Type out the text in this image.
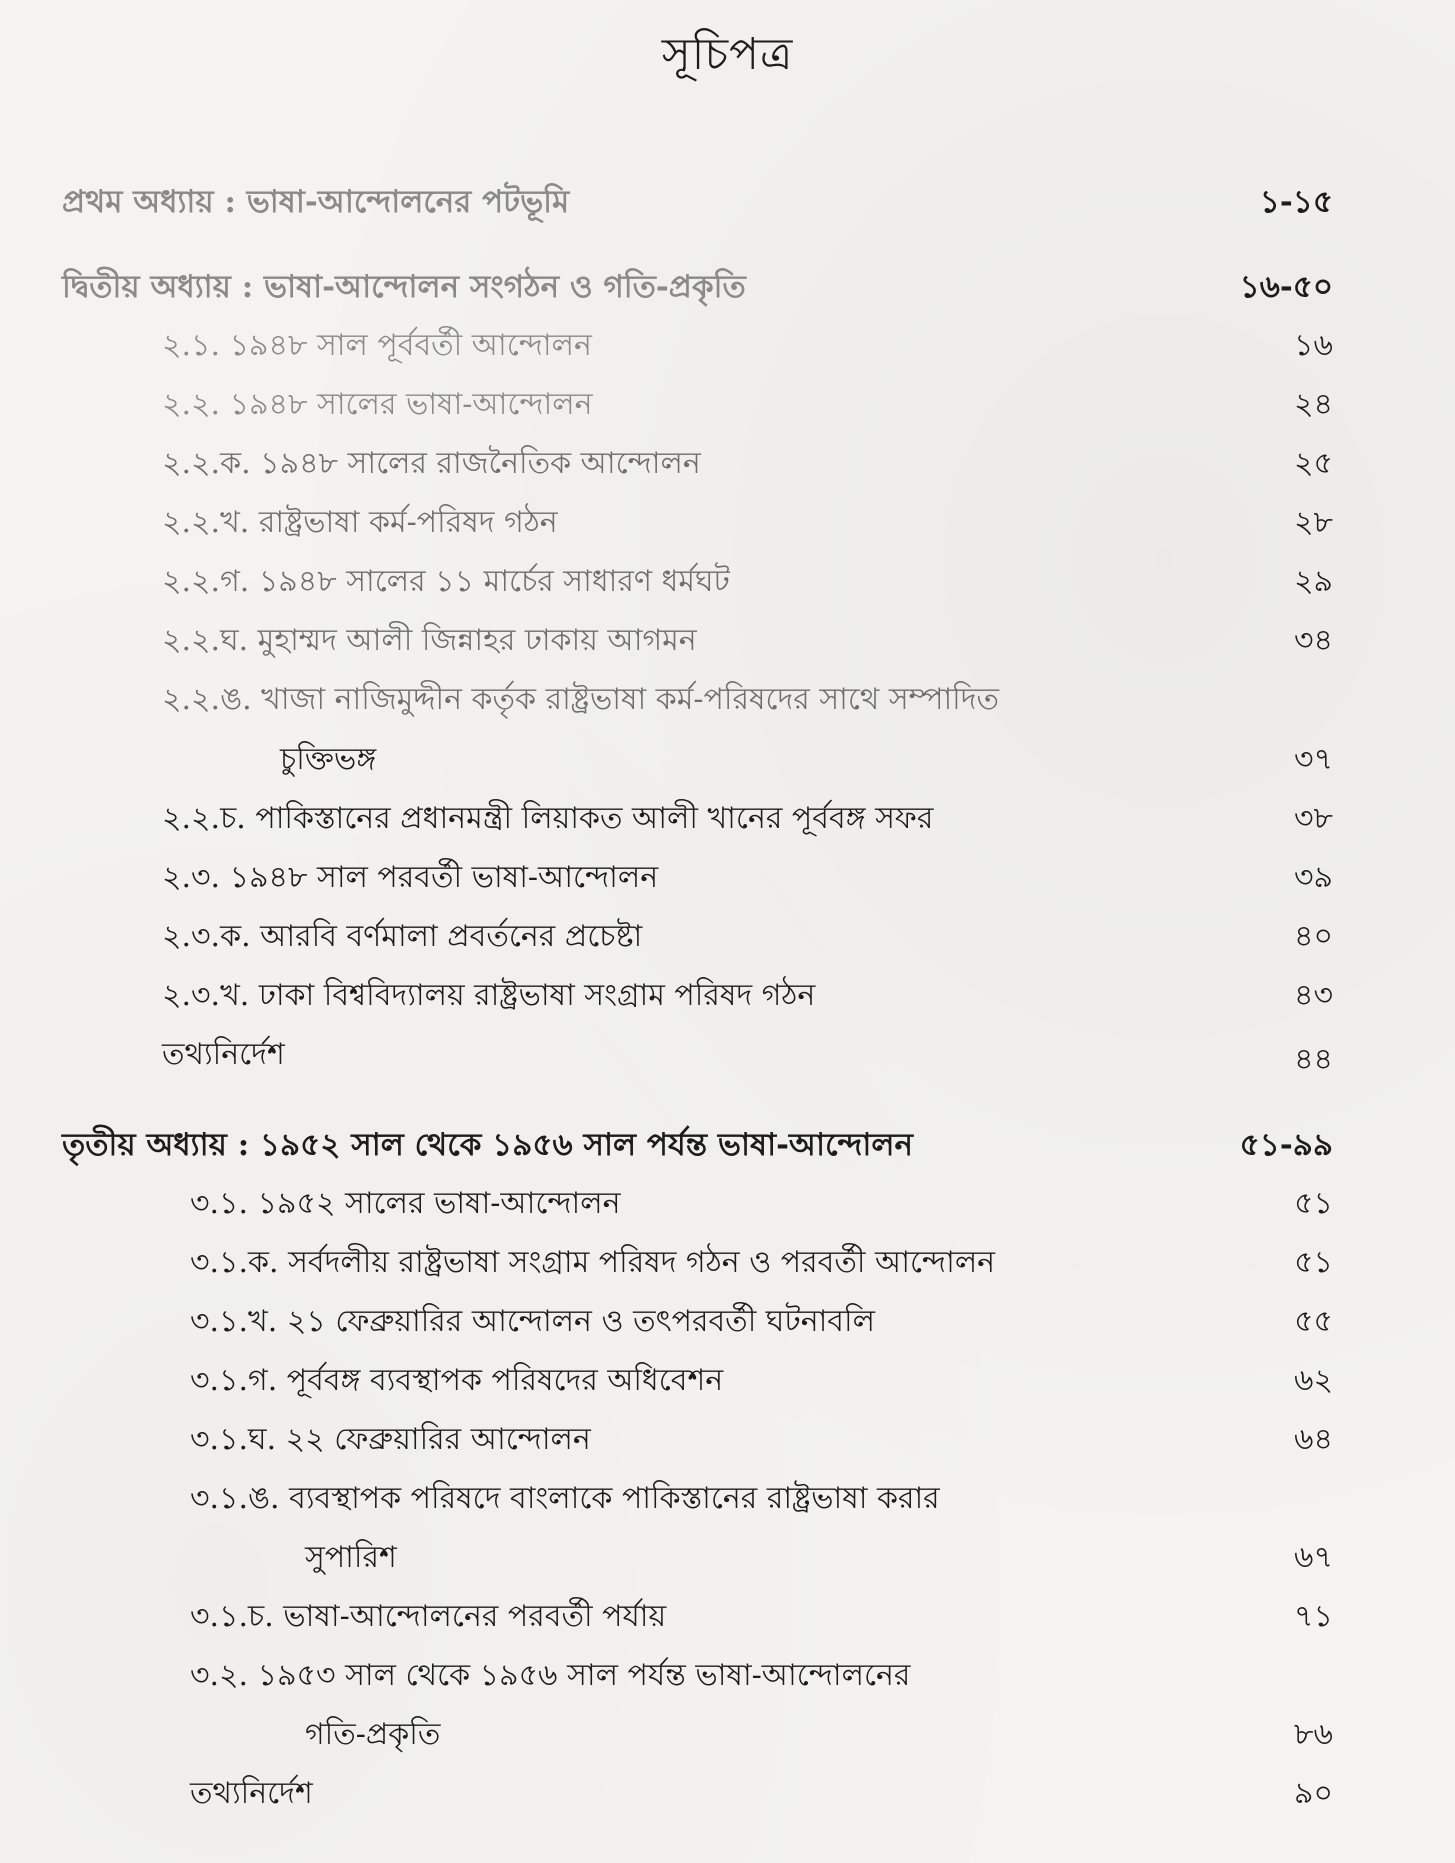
সূচিপত্র
প্রথম অধ্যায় : ভাষা-আন্দোলনের পটভূমি	১-১৫
দ্বিতীয় অধ্যায় : ভাষা-আন্দোলন সংগঠন ও গতি-প্রকৃতি	১৬-৫০
২.১. ১৯৪৮ সাল পূর্ববর্তী আন্দোলন	১৬
২.২. ১৯৪৮ সালের ভাষা-আন্দোলন	২৪
২.২.ক. ১৯৪৮ সালের রাজনৈতিক আন্দোলন	২৫
২.২.খ. রাষ্ট্রভাষা কর্ম-পরিষদ গঠন	২৮
২.২.গ. ১৯৪৮ সালের ১১ মার্চের সাধারণ ধর্মঘট	২৯
২.২.ঘ. মুহাম্মদ আলী জিন্নাহর ঢাকায় আগমন	৩৪
২.২.ঙ. খাজা নাজিমুদ্দীন কর্তৃক রাষ্ট্রভাষা কর্ম-পরিষদের সাথে সম্পাদিত
চুক্তিভঙ্গ	৩৭
২.২.চ. পাকিস্তানের প্রধানমন্ত্রী লিয়াকত আলী খানের পূর্ববঙ্গ সফর	৩৮
২.৩. ১৯৪৮ সাল পরবর্তী ভাষা-আন্দোলন	৩৯
২.৩.ক. আরবি বর্ণমালা প্রবর্তনের প্রচেষ্টা	৪০
২.৩.খ. ঢাকা বিশ্ববিদ্যালয় রাষ্ট্রভাষা সংগ্রাম পরিষদ গঠন	৪৩
তথ্যনির্দেশ	৪৪
তৃতীয় অধ্যায় : ১৯৫২ সাল থেকে ১৯৫৬ সাল পর্যন্ত ভাষা-আন্দোলন	৫১-৯৯
৩.১. ১৯৫২ সালের ভাষা-আন্দোলন	৫১
৩.১.ক. সর্বদলীয় রাষ্ট্রভাষা সংগ্রাম পরিষদ গঠন ও পরবর্তী আন্দোলন	৫১
৩.১.খ. ২১ ফেব্রুয়ারির আন্দোলন ও তৎপরবর্তী ঘটনাবলি	৫৫
৩.১.গ. পূর্ববঙ্গ ব্যবস্থাপক পরিষদের অধিবেশন	৬২
৩.১.ঘ. ২২ ফেব্রুয়ারির আন্দোলন	৬৪
৩.১.ঙ. ব্যবস্থাপক পরিষদে বাংলাকে পাকিস্তানের রাষ্ট্রভাষা করার
সুপারিশ	৬৭
৩.১.চ. ভাষা-আন্দোলনের পরবর্তী পর্যায়	৭১
৩.২. ১৯৫৩ সাল থেকে ১৯৫৬ সাল পর্যন্ত ভাষা-আন্দোলনের
গতি-প্রকৃতি	৮৬
তথ্যনির্দেশ	৯০
